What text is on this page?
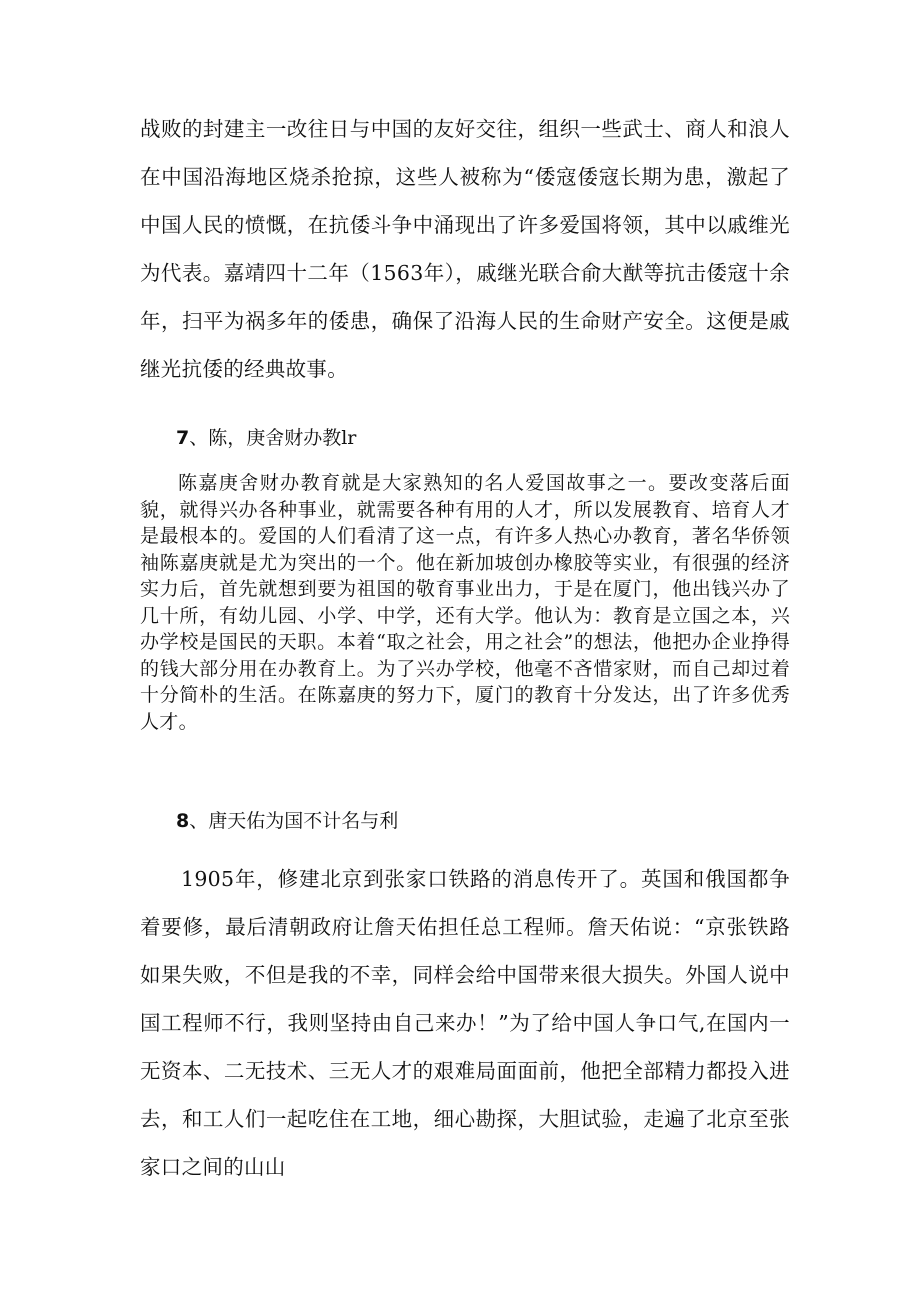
战败的封建主一改往日与中国的友好交往，组织一些武士、商人和浪人在中国沿海地区烧杀抢掠，这些人被称为“倭寇倭寇长期为患，激起了中国人民的愤慨，在抗倭斗争中涌现出了许多爱国将领，其中以戚维光为代表。嘉靖四十二年（1563年），戚继光联合俞大猷等抗击倭寇十余年，扫平为祸多年的倭患，确保了沿海人民的生命财产安全。这便是戚继光抗倭的经典故事。

7、陈，庚舍财办教lr

陈嘉庚舍财办教育就是大家熟知的名人爱国故事之一。要改变落后面貌，就得兴办各种事业，就需要各种有用的人才，所以发展教育、培育人才是最根本的。爱国的人们看清了这一点，有许多人热心办教育，著名华侨领袖陈嘉庚就是尤为突出的一个。他在新加坡创办橡胶等实业，有很强的经济实力后，首先就想到要为祖国的敬育事业出力，于是在厦门，他出钱兴办了几十所，有幼儿园、小学、中学，还有大学。他认为：教育是立国之本，兴办学校是国民的天职。本着“取之社会，用之社会”的想法，他把办企业挣得的钱大部分用在办教育上。为了兴办学校，他毫不吝惜家财，而自己却过着十分简朴的生活。在陈嘉庚的努力下，厦门的教育十分发达，出了许多优秀人才。

8、唐天佑为国不计名与利

1905年，修建北京到张家口铁路的消息传开了。英国和俄国都争着要修，最后清朝政府让詹天佑担任总工程师。詹天佑说：“京张铁路如果失败，不但是我的不幸，同样会给中国带来很大损失。外国人说中国工程师不行，我则坚持由自己来办！”为了给中国人争口气,在国内一无资本、二无技术、三无人才的艰难局面面前，他把全部精力都投入进去，和工人们一起吃住在工地，细心勘探，大胆试验，走遍了北京至张家口之间的山山
